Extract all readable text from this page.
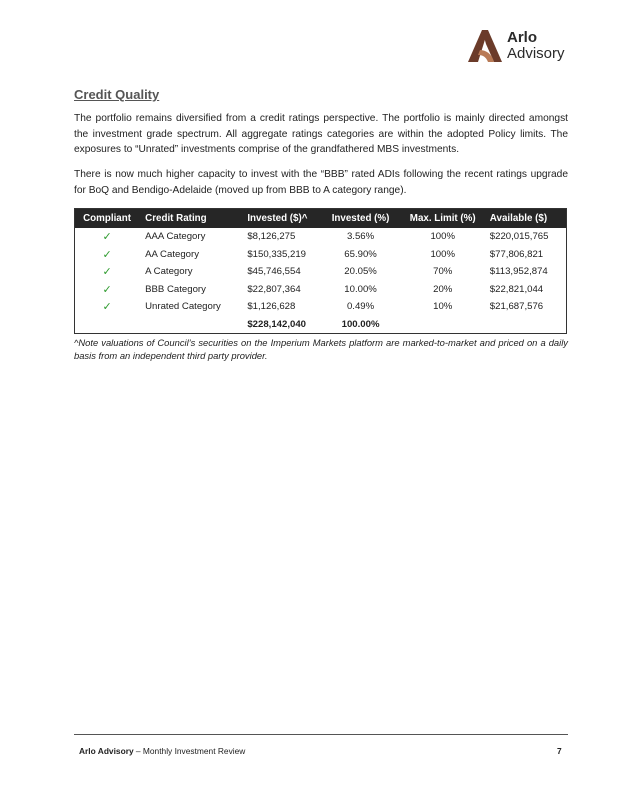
Arlo
Advisory
Credit Quality
The portfolio remains diversified from a credit ratings perspective. The portfolio is mainly directed amongst the investment grade spectrum. All aggregate ratings categories are within the adopted Policy limits. The exposures to “Unrated” investments comprise of the grandfathered MBS investments.
There is now much higher capacity to invest with the “BBB” rated ADIs following the recent ratings upgrade for BoQ and Bendigo-Adelaide (moved up from BBB to A category range).
Compliant	Credit Rating	Invested ($)^	Invested (%)	Max. Limit (%)	Available ($)
✓	AAA Category	$8,126,275	3.56%	100%	$220,015,765
✓	AA Category	$150,335,219	65.90%	100%	$77,806,821
✓	A Category	$45,746,554	20.05%	70%	$113,952,874
✓	BBB Category	$22,807,364	10.00%	20%	$22,821,044
✓	Unrated Category	$1,126,628	0.49%	10%	$21,687,576
		$228,142,040	100.00%		
^Note valuations of Council’s securities on the Imperium Markets platform are marked-to-market and priced on a daily basis from an independent third party provider.
Arlo Advisory – Monthly Investment Review	7
